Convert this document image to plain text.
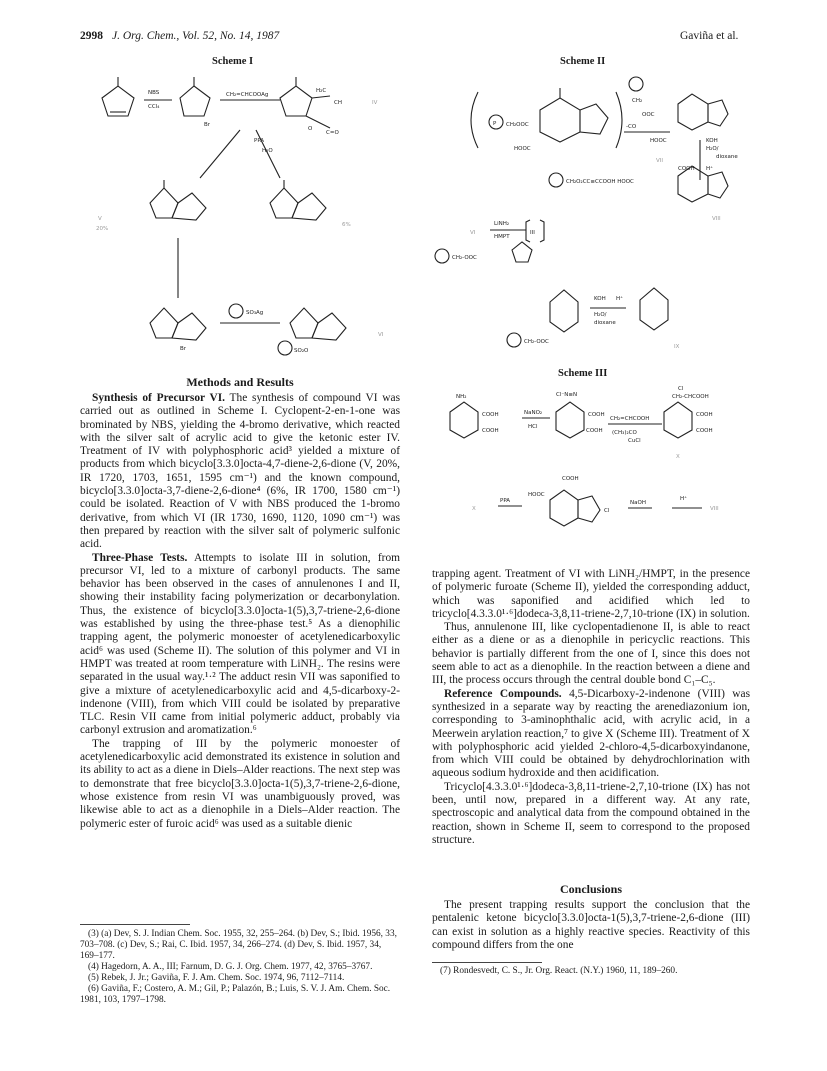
2998 J. Org. Chem., Vol. 52, No. 14, 1987	Gaviña et al.
Scheme I	Scheme II
Scheme III
NBS
CCl₄
Br
CH₂=CHCOOAg
H₂C
CH
O
C=O
IV
PPA
H₂O
V
20%
6%
Br
VI
SO₃Ag
SO₂O
P CH₂OOC
HOOC
CH₂
OOC
-CO
HOOC	KOH
H₂O/
dioxane
COOH H⁺
VII
CH₂O₂CC≡CCOOH HOOC
VIII
LiNH₂
HMPT
III
VI
CH₂-OOC
KOH
H₂O/
dioxane
H⁺
CH₂-OOC
IX
NH₂
COOH
COOH
NaNO₂
HCl
Cl⁻N≡N
COOH
COOH
CH₂=CHCOOH
(CH₃)₂CO
CuCl
Cl
CH₂-CHCOOH
COOH
COOH
X
X
PPA
HOOC
COOH
Cl
NaOH
H⁺
VIII
Methods and Results

Synthesis of Precursor VI. The synthesis of compound VI was carried out as outlined in Scheme I. Cyclopent-2-en-1-one was brominated by NBS, yielding the 4-bromo derivative, which reacted with the silver salt of acrylic acid to give the ketonic ester IV. Treatment of IV with polyphosphoric acid³ yielded a mixture of products from which bicyclo[3.3.0]octa-4,7-diene-2,6-dione (V, 20%, IR 1720, 1703, 1651, 1595 cm⁻¹) and the known compound, bicyclo[3.3.0]octa-3,7-diene-2,6-dione⁴ (6%, IR 1700, 1580 cm⁻¹) could be isolated. Reaction of V with NBS produced the 1-bromo derivative, from which VI (IR 1730, 1690, 1120, 1090 cm⁻¹) was then prepared by reaction with the silver salt of polymeric sulfonic acid.

Three-Phase Tests. Attempts to isolate III in solution, from precursor VI, led to a mixture of carbonyl products. The same behavior has been observed in the cases of annulenones I and II, showing their instability facing polymerization or decarbonylation. Thus, the existence of bicyclo[3.3.0]octa-1(5),3,7-triene-2,6-dione was established by using the three-phase test.⁵ As a dienophilic trapping agent, the polymeric monoester of acetylenedicarboxylic acid⁶ was used (Scheme II). The solution of this polymer and VI in HMPT was treated at room temperature with LiNH₂. The resins were separated in the usual way.¹·² The adduct resin VII was saponified to give a mixture of acetylenedicarboxylic acid and 4,5-dicarboxy-2-indenone (VIII), from which VIII could be isolated by preparative TLC. Resin VII came from initial polymeric adduct, probably via carbonyl extrusion and aromatization.⁶

The trapping of III by the polymeric monoester of acetylenedicarboxylic acid demonstrated its existence in solution and its ability to act as a diene in Diels–Alder reactions. The next step was to demonstrate that free bicyclo[3.3.0]octa-1(5),3,7-triene-2,6-dione, whose existence from resin VI was unambiguously proved, was likewise able to act as a dienophile in a Diels–Alder reaction. The polymeric ester of furoic acid⁶ was used as a suitable dienic

(3) (a) Dev, S. J. Indian Chem. Soc. 1955, 32, 255–264. (b) Dev, S.; Ibid. 1956, 33, 703–708. (c) Dev, S.; Rai, C. Ibid. 1957, 34, 266–274. (d) Dev, S. Ibid. 1957, 34, 169–177.

(4) Hagedorn, A. A., III; Farnum, D. G. J. Org. Chem. 1977, 42, 3765–3767.

(5) Rebek, J. Jr.; Gaviña, F. J. Am. Chem. Soc. 1974, 96, 7112–7114.

(6) Gaviña, F.; Costero, A. M.; Gil, P.; Palazón, B.; Luis, S. V. J. Am. Chem. Soc. 1981, 103, 1797–1798.

trapping agent. Treatment of VI with LiNH₂/HMPT, in the presence of polymeric furoate (Scheme II), yielded the corresponding adduct, which was saponified and acidified which led to tricyclo[4.3.3.0¹·⁶]dodeca-3,8,11-triene-2,7,10-trione (IX) in solution.

Thus, annulenone III, like cyclopentadienone II, is able to react either as a diene or as a dienophile in pericyclic reactions. This behavior is partially different from the one of I, since this does not seem able to act as a dienophile. In the reaction between a diene and III, the process occurs through the central double bond C₁–C₅.

Reference Compounds. 4,5-Dicarboxy-2-indenone (VIII) was synthesized in a separate way by reacting the arenediazonium ion, corresponding to 3-aminophthalic acid, with acrylic acid, in a Meerwein arylation reaction,⁷ to give X (Scheme III). Treatment of X with polyphosphoric acid yielded 2-chloro-4,5-dicarboxyindanone, from which VIII could be obtained by dehydrochlorination with aqueous sodium hydroxide and then acidification.

Tricyclo[4.3.3.0¹·⁶]dodeca-3,8,11-triene-2,7,10-trione (IX) has not been, until now, prepared in a different way. At any rate, spectroscopic and analytical data from the compound obtained in the reaction, shown in Scheme II, seem to correspond to the proposed structure.

Conclusions

The present trapping results support the conclusion that the pentalenic ketone bicyclo[3.3.0]octa-1(5),3,7-triene-2,6-dione (III) can exist in solution as a highly reactive species. Reactivity of this compound differs from the one

(7) Rondesvedt, C. S., Jr. Org. React. (N.Y.) 1960, 11, 189–260.
